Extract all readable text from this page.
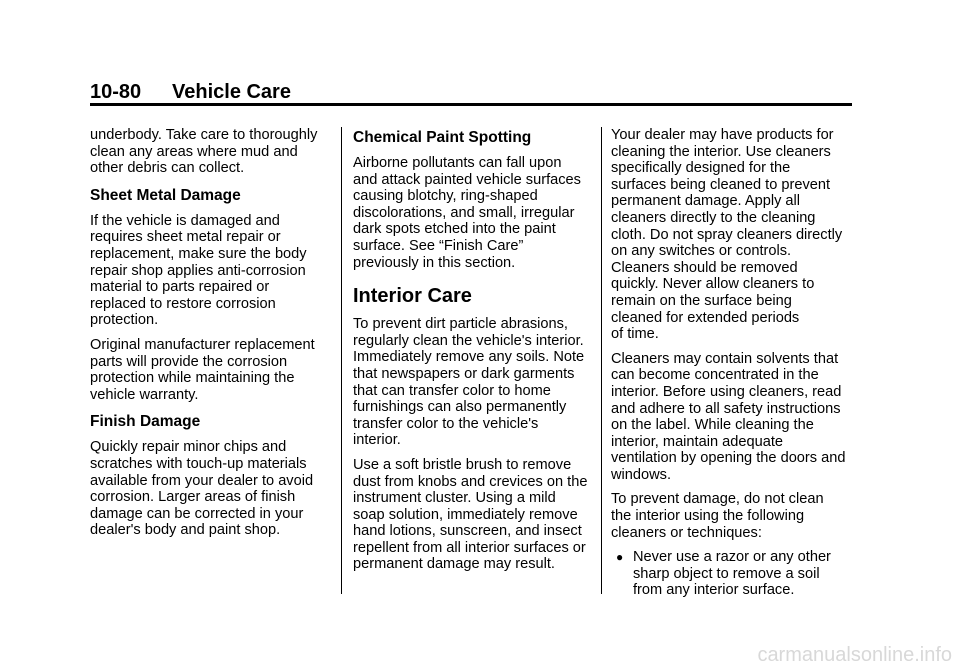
10-80 Vehicle Care

underbody. Take care to thoroughly
clean any areas where mud and
other debris can collect.

Sheet Metal Damage

If the vehicle is damaged and
requires sheet metal repair or
replacement, make sure the body
repair shop applies anti-corrosion
material to parts repaired or
replaced to restore corrosion
protection.

Original manufacturer replacement
parts will provide the corrosion
protection while maintaining the
vehicle warranty.

Finish Damage

Quickly repair minor chips and
scratches with touch-up materials
available from your dealer to avoid
corrosion. Larger areas of finish
damage can be corrected in your
dealer's body and paint shop.

Chemical Paint Spotting

Airborne pollutants can fall upon
and attack painted vehicle surfaces
causing blotchy, ring-shaped
discolorations, and small, irregular
dark spots etched into the paint
surface. See “Finish Care”
previously in this section.

Interior Care

To prevent dirt particle abrasions,
regularly clean the vehicle's interior.
Immediately remove any soils. Note
that newspapers or dark garments
that can transfer color to home
furnishings can also permanently
transfer color to the vehicle's
interior.

Use a soft bristle brush to remove
dust from knobs and crevices on the
instrument cluster. Using a mild
soap solution, immediately remove
hand lotions, sunscreen, and insect
repellent from all interior surfaces or
permanent damage may result.

Your dealer may have products for
cleaning the interior. Use cleaners
specifically designed for the
surfaces being cleaned to prevent
permanent damage. Apply all
cleaners directly to the cleaning
cloth. Do not spray cleaners directly
on any switches or controls.
Cleaners should be removed
quickly. Never allow cleaners to
remain on the surface being
cleaned for extended periods
of time.

Cleaners may contain solvents that
can become concentrated in the
interior. Before using cleaners, read
and adhere to all safety instructions
on the label. While cleaning the
interior, maintain adequate
ventilation by opening the doors and
windows.

To prevent damage, do not clean
the interior using the following
cleaners or techniques:

● Never use a razor or any other
sharp object to remove a soil
from any interior surface.
carmanualsonline.info
